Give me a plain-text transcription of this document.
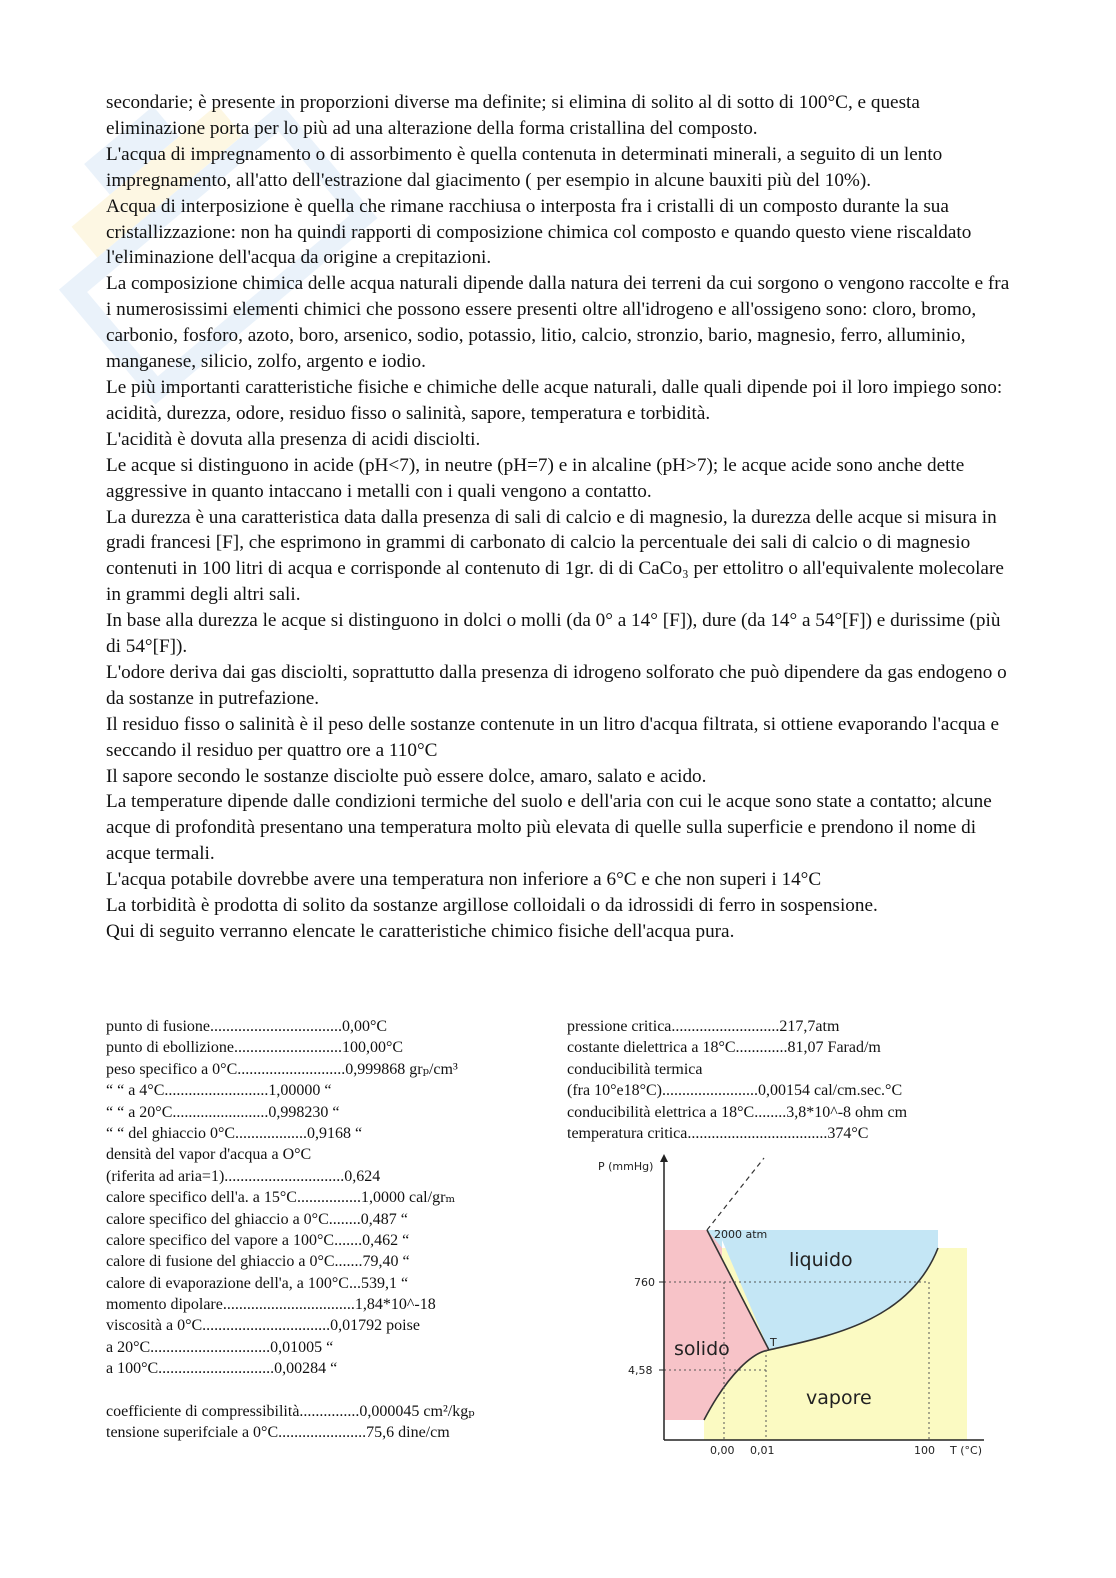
secondarie; è presente in proporzioni diverse ma definite; si elimina di solito al di sotto di 100°C, e questa eliminazione porta per lo più ad una alterazione della forma cristallina del composto.

L'acqua di impregnamento o di assorbimento è quella contenuta in determinati minerali, a seguito di un lento impregnamento, all'atto dell'estrazione dal giacimento ( per esempio in alcune bauxiti più del 10%).

Acqua di interposizione è quella che rimane racchiusa o interposta fra i cristalli di un composto durante la sua cristallizzazione: non ha quindi rapporti di composizione chimica col composto e quando questo viene riscaldato l'eliminazione dell'acqua da origine a crepitazioni.

La composizione chimica delle acqua naturali dipende dalla natura dei terreni da cui sorgono o vengono raccolte e fra i numerosissimi elementi chimici che possono essere presenti oltre all'idrogeno e all'ossigeno sono: cloro, bromo, carbonio, fosforo, azoto, boro, arsenico, sodio, potassio, litio, calcio, stronzio, bario, magnesio, ferro, alluminio, manganese, silicio, zolfo, argento e iodio.

Le più importanti caratteristiche fisiche e chimiche delle acque naturali, dalle quali dipende poi il loro impiego sono: acidità, durezza, odore, residuo fisso o salinità, sapore, temperatura e torbidità.

L'acidità è dovuta alla presenza di acidi disciolti.

Le acque si distinguono in acide (pH<7), in neutre (pH=7) e in alcaline (pH>7); le acque acide sono anche dette aggressive in quanto intaccano i metalli con i quali vengono a contatto.

La durezza è una caratteristica data dalla presenza di sali di calcio e di magnesio, la durezza delle acque si misura in gradi francesi [F], che esprimono in grammi di carbonato di calcio la percentuale dei sali di calcio o di magnesio contenuti in 100 litri di acqua e corrisponde al contenuto di 1gr. di di CaCo₃ per ettolitro o all'equivalente molecolare in grammi degli altri sali.

In base alla durezza le acque si distinguono in dolci o molli (da 0° a 14° [F]), dure (da 14° a 54°[F]) e durissime (più di 54°[F]).

L'odore deriva dai gas disciolti, soprattutto dalla presenza di idrogeno solforato che può dipendere da gas endogeno o da sostanze in putrefazione.

Il residuo fisso o salinità è il peso delle sostanze contenute in un litro d'acqua filtrata, si ottiene evaporando l'acqua e seccando il residuo per quattro ore a 110°C

Il sapore secondo le sostanze disciolte può essere dolce, amaro, salato e acido.

La temperature dipende dalle condizioni termiche del suolo e dell'aria con cui le acque sono state a contatto; alcune acque di profondità presentano una temperatura molto più elevata di quelle sulla superficie e prendono il nome di acque termali.

L'acqua potabile dovrebbe avere una temperatura non inferiore a 6°C e che non superi i 14°C

La torbidità è prodotta di solito da sostanze argillose colloidali o da idrossidi di ferro in sospensione.

Qui di seguito verranno elencate le caratteristiche chimico fisiche dell'acqua pura.

punto di fusione.................................0,00°C
punto di ebollizione...........................100,00°C
peso specifico a 0°C...........................0,999868 grₚ/cm³
“ “ a 4°C..........................1,00000 “
“ “ a 20°C........................0,998230 “
“ “ del ghiaccio 0°C..................0,9168 “
densità del vapor d'acqua a O°C
(riferita ad aria=1)..............................0,624
calore specifico dell'a. a 15°C................1,0000 cal/grₘ
calore specifico del ghiaccio a 0°C........0,487 “
calore specifico del vapore a 100°C.......0,462 “
calore di fusione del ghiaccio a 0°C.......79,40 “
calore di evaporazione dell'a, a 100°C...539,1 “
momento dipolare.................................1,84*10^-18
viscosità a 0°C................................0,01792 poise
a 20°C..............................0,01005 “
a 100°C.............................0,00284 “
coefficiente di compressibilità...............0,000045 cm²/kgₚ
tensione superifciale a 0°C......................75,6 dine/cm
pressione critica...........................217,7atm
costante dielettrica a 18°C.............81,07 Farad/m
conducibilità termica
(fra 10°e18°C)........................0,00154 cal/cm.sec.°C
conducibilità elettrica a 18°C........3,8*10^-8 ohm cm
temperatura critica...................................374°C
P (mmHg)
760
4,58
0,00 0,01	100 T (°C)
2000 atm
T
liquido
solido
vapore
